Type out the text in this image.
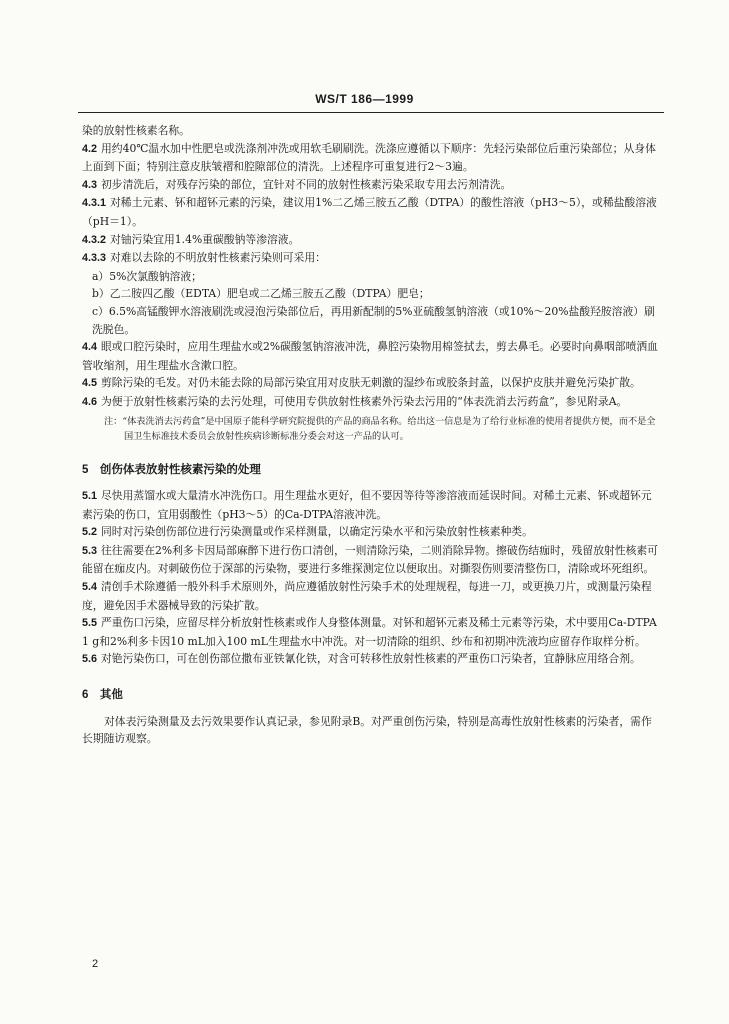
WS/T 186—1999

染的放射性核素名称。

4.2 用约40℃温水加中性肥皂或洗涤剂冲洗或用软毛刷刷洗。洗涤应遵循以下顺序：先轻污染部位后重污染部位；从身体上面到下面；特别注意皮肤皱褶和腔隙部位的清洗。上述程序可重复进行2～3遍。

4.3 初步清洗后，对残存污染的部位，宜针对不同的放射性核素污染采取专用去污剂清洗。

4.3.1 对稀土元素、钚和超钚元素的污染，建议用1%二乙烯三胺五乙酸（DTPA）的酸性溶液（pH3～5），或稀盐酸溶液（pH＝1）。

4.3.2 对铀污染宜用1.4%重碳酸钠等渗溶液。

4.3.3 对难以去除的不明放射性核素污染则可采用：

a）5%次氯酸钠溶液；

b）乙二胺四乙酸（EDTA）肥皂或二乙烯三胺五乙酸（DTPA）肥皂；

c）6.5%高锰酸钾水溶液刷洗或浸泡污染部位后，再用新配制的5%亚硫酸氢钠溶液（或10%～20%盐酸羟胺溶液）刷洗脱色。

4.4 眼或口腔污染时，应用生理盐水或2%碳酸氢钠溶液冲洗，鼻腔污染物用棉签拭去，剪去鼻毛。必要时向鼻咽部喷洒血管收缩剂，用生理盐水含漱口腔。

4.5 剪除污染的毛发。对仍未能去除的局部污染宜用对皮肤无刺激的湿纱布或胶条封盖，以保护皮肤并避免污染扩散。

4.6 为便于放射性核素污染的去污处理，可使用专供放射性核素外污染去污用的“体表洗消去污药盒”，参见附录A。

注：“体表洗消去污药盒”是中国原子能科学研究院提供的产品的商品名称。给出这一信息是为了给行业标准的使用者提供方便，而不是全国卫生标准技术委员会放射性疾病诊断标准分委会对这一产品的认可。

5　创伤体表放射性核素污染的处理

5.1 尽快用蒸馏水或大量清水冲洗伤口。用生理盐水更好，但不要因等待等渗溶液而延误时间。对稀土元素、钚或超钚元素污染的伤口，宜用弱酸性（pH3～5）的Ca-DTPA溶液冲洗。

5.2 同时对污染创伤部位进行污染测量或作采样测量，以确定污染水平和污染放射性核素种类。

5.3 往往需要在2%利多卡因局部麻醉下进行伤口清创，一则清除污染，二则消除异物。擦破伤结痂时，残留放射性核素可能留在痂皮内。对刺破伤位于深部的污染物，要进行多维探测定位以便取出。对撕裂伤则要清整伤口，清除或坏死组织。

5.4 清创手术除遵循一般外科手术原则外，尚应遵循放射性污染手术的处理规程，每进一刀，或更换刀片，或测量污染程度，避免因手术器械导致的污染扩散。

5.5 严重伤口污染，应留尽样分析放射性核素或作人身整体测量。对钚和超钚元素及稀土元素等污染，术中要用Ca-DTPA 1 g和2%利多卡因10 mL加入100 mL生理盐水中冲洗。对一切清除的组织、纱布和初期冲洗液均应留存作取样分析。

5.6 对铯污染伤口，可在创伤部位撒布亚铁氰化铁，对含可转移性放射性核素的严重伤口污染者，宜静脉应用络合剂。

6　其他

对体表污染测量及去污效果要作认真记录，参见附录B。对严重创伤污染，特别是高毒性放射性核素的污染者，需作长期随访观察。

2
